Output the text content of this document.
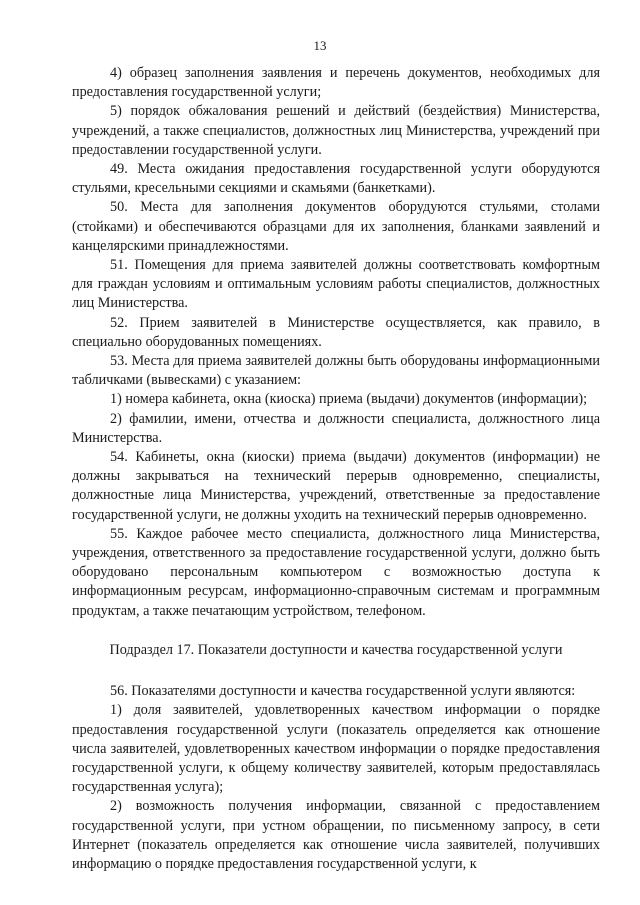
13

4) образец заполнения заявления и перечень документов, необходимых для предоставления государственной услуги;

5) порядок обжалования решений и действий (бездействия) Министерства, учреждений, а также специалистов, должностных лиц Министерства, учреждений при предоставлении государственной услуги.

49. Места ожидания предоставления государственной услуги оборудуются стульями, кресельными секциями и скамьями (банкетками).

50. Места для заполнения документов оборудуются стульями, столами (стойками) и обеспечиваются образцами для их заполнения, бланками заявлений и канцелярскими принадлежностями.

51. Помещения для приема заявителей должны соответствовать комфортным для граждан условиям и оптимальным условиям работы специалистов, должностных лиц Министерства.

52. Прием заявителей в Министерстве осуществляется, как правило, в специально оборудованных помещениях.

53. Места для приема заявителей должны быть оборудованы информационными табличками (вывесками) с указанием:

1) номера кабинета, окна (киоска) приема (выдачи) документов (информации);

2) фамилии, имени, отчества и должности специалиста, должностного лица Министерства.

54. Кабинеты, окна (киоски) приема (выдачи) документов (информации) не должны закрываться на технический перерыв одновременно, специалисты, должностные лица Министерства, учреждений, ответственные за предоставление государственной услуги, не должны уходить на технический перерыв одновременно.

55. Каждое рабочее место специалиста, должностного лица Министерства, учреждения, ответственного за предоставление государственной услуги, должно быть оборудовано персональным компьютером с возможностью доступа к информационным ресурсам, информационно-справочным системам и программным продуктам, а также печатающим устройством, телефоном.

Подраздел 17. Показатели доступности и качества государственной услуги

56. Показателями доступности и качества государственной услуги являются:

1) доля заявителей, удовлетворенных качеством информации о порядке предоставления государственной услуги (показатель определяется как отношение числа заявителей, удовлетворенных качеством информации о порядке предоставления государственной услуги, к общему количеству заявителей, которым предоставлялась государственная услуга);

2) возможность получения информации, связанной с предоставлением государственной услуги, при устном обращении, по письменному запросу, в сети Интернет (показатель определяется как отношение числа заявителей, получивших информацию о порядке предоставления государственной услуги, к
